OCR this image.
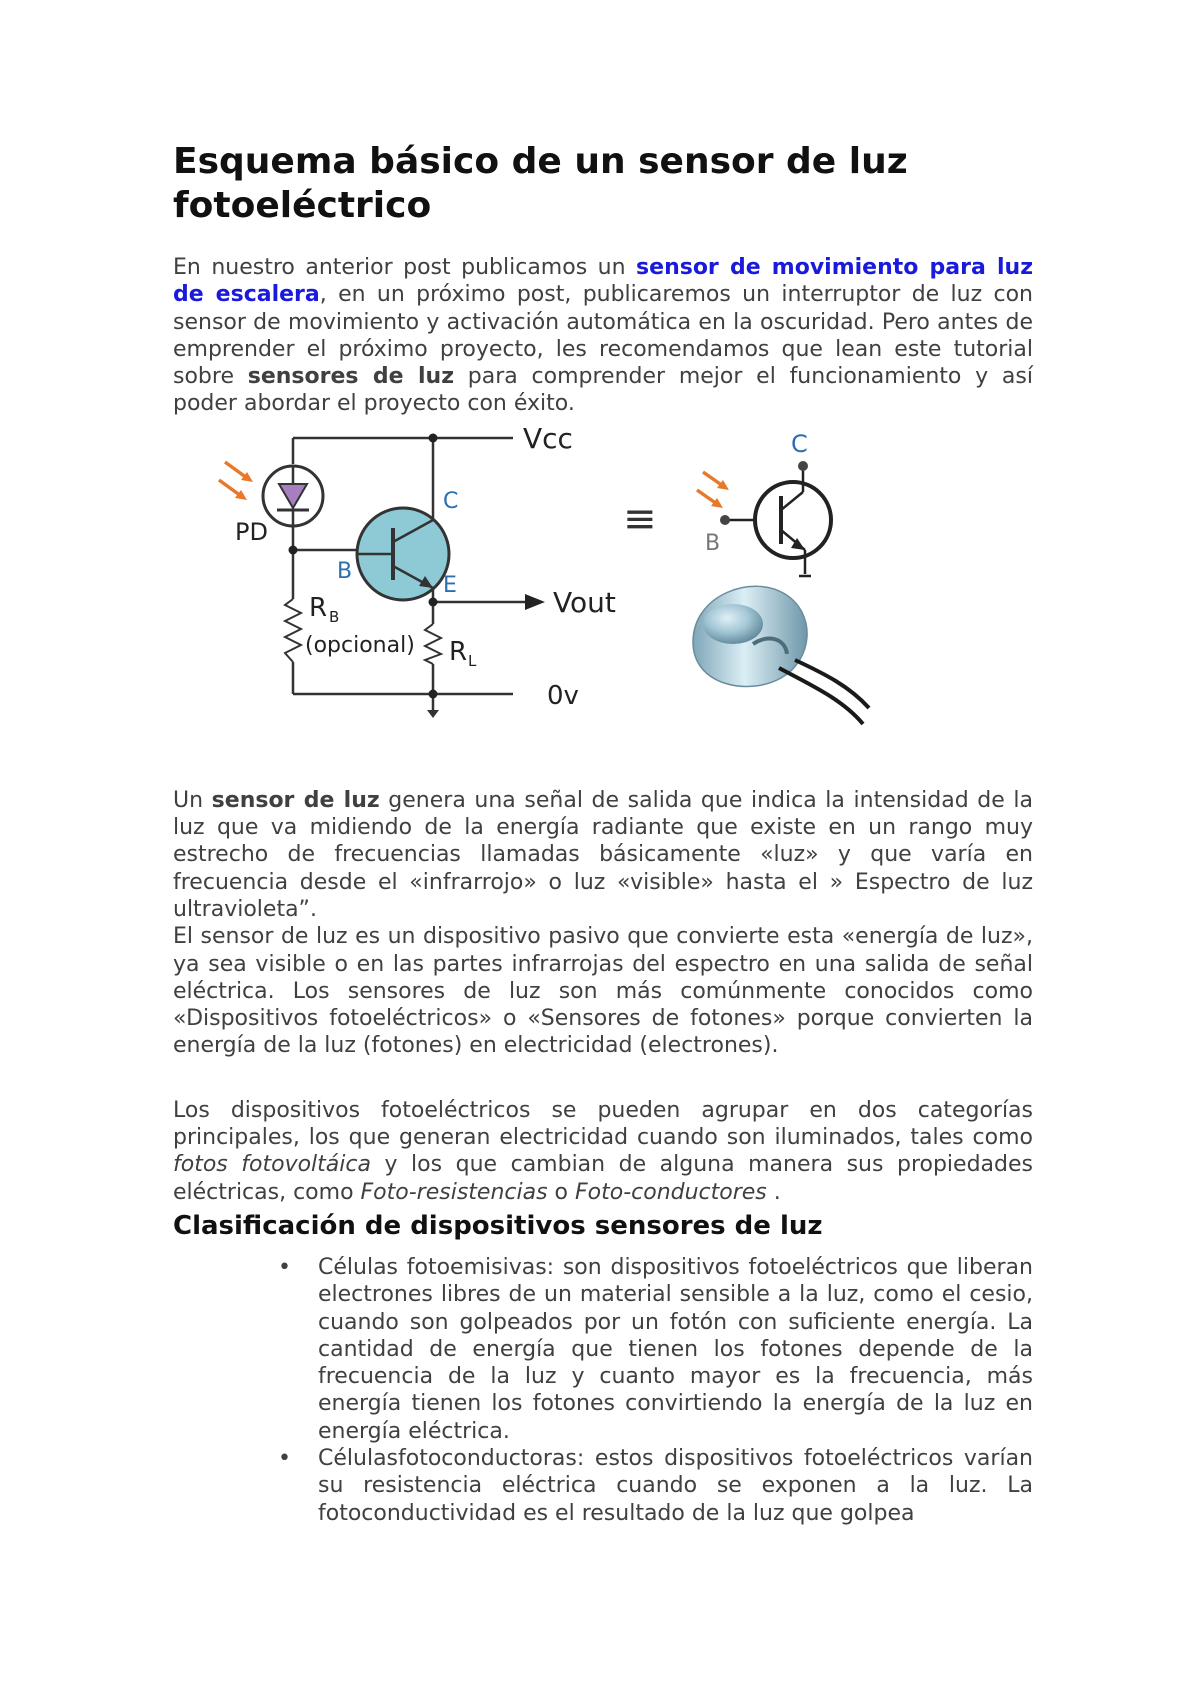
Esquema básico de un sensor de luz fotoeléctrico

En nuestro anterior post publicamos un sensor de movimiento para luz de escalera, en un próximo post, publicaremos un interruptor de luz con sensor de movimiento y activación automática en la oscuridad. Pero antes de emprender el próximo proyecto, les recomendamos que lean este tutorial sobre sensores de luz para comprender mejor el funcionamiento y así poder abordar el proyecto con éxito.

Vcc
PD
B
C
E
Vout
R B
(opcional) R L
0v
≡
C
B

Un sensor de luz genera una señal de salida que indica la intensidad de la luz que va midiendo de la energía radiante que existe en un rango muy estrecho de frecuencias llamadas básicamente «luz» y que varía en frecuencia desde el «infrarrojo» o luz «visible» hasta el » Espectro de luz ultravioleta”.
El sensor de luz es un dispositivo pasivo que convierte esta «energía de luz», ya sea visible o en las partes infrarrojas del espectro en una salida de señal eléctrica. Los sensores de luz son más comúnmente conocidos como «Dispositivos fotoeléctricos» o «Sensores de fotones» porque convierten la energía de la luz (fotones) en electricidad (electrones).

Los dispositivos fotoeléctricos se pueden agrupar en dos categorías principales, los que generan electricidad cuando son iluminados, tales como fotos fotovoltáica y los que cambian de alguna manera sus propiedades eléctricas, como Foto-resistencias o Foto-conductores .

Clasificación de dispositivos sensores de luz
• Células fotoemisivas: son dispositivos fotoeléctricos que liberan electrones libres de un material sensible a la luz, como el cesio, cuando son golpeados por un fotón con suficiente energía. La cantidad de energía que tienen los fotones depende de la frecuencia de la luz y cuanto mayor es la frecuencia, más energía tienen los fotones convirtiendo la energía de la luz en energía eléctrica.
• Célulasfotoconductoras: estos dispositivos fotoeléctricos varían su resistencia eléctrica cuando se exponen a la luz. La fotoconductividad es el resultado de la luz que golpea
